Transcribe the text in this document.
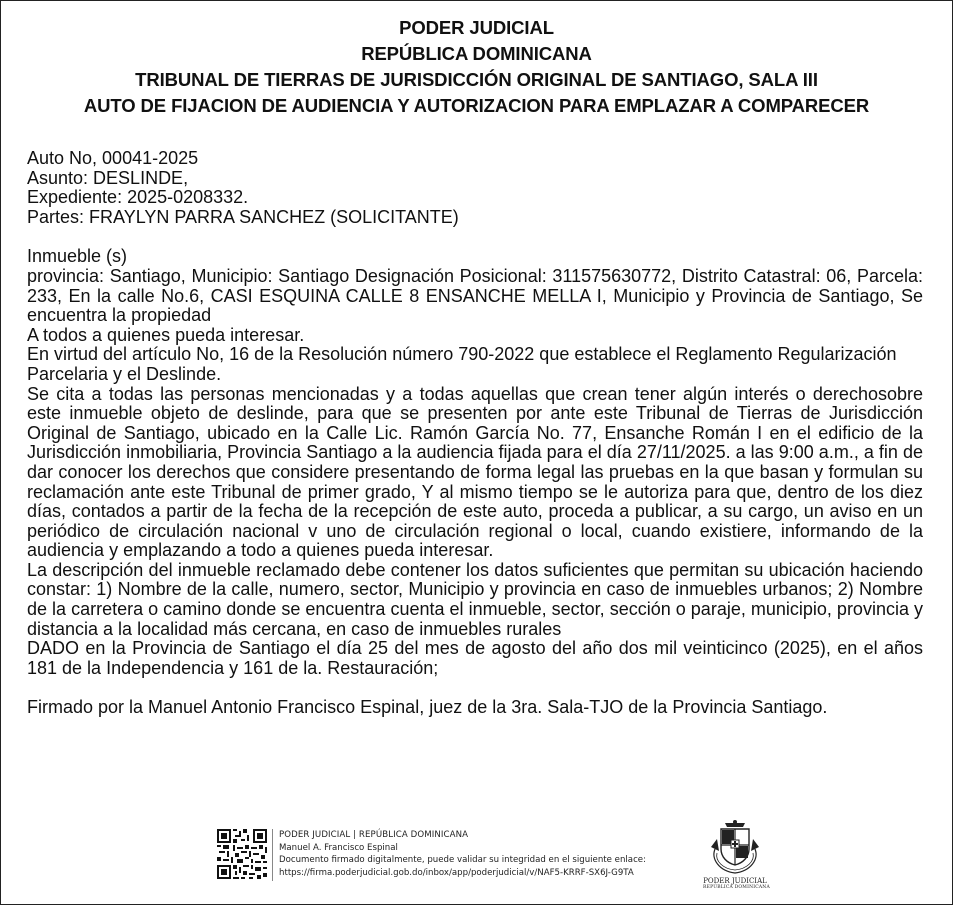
PODER JUDICIAL
REPÚBLICA DOMINICANA
TRIBUNAL DE TIERRAS DE JURISDICCIÓN ORIGINAL DE SANTIAGO, SALA III
AUTO DE FIJACION DE AUDIENCIA Y AUTORIZACION PARA EMPLAZAR A COMPARECER
Auto No, 00041-2025
Asunto: DESLINDE,
Expediente: 2025-0208332.
Partes: FRAYLYN PARRA SANCHEZ (SOLICITANTE)
Inmueble (s)
provincia: Santiago, Municipio: Santiago Designación Posicional: 311575630772, Distrito Catastral: 06, Parcela: 233, En la calle No.6, CASI ESQUINA CALLE 8 ENSANCHE MELLA I, Municipio y Provincia de Santiago, Se encuentra la propiedad
A todos a quienes pueda interesar.
En virtud del artículo No, 16 de la Resolución número 790-2022 que establece el Reglamento Regularización Parcelaria y el Deslinde.
Se cita a todas las personas mencionadas y a todas aquellas que crean tener algún interés o derechosobre este inmueble objeto de deslinde, para que se presenten por ante este Tribunal de Tierras de Jurisdicción Original de Santiago, ubicado en la Calle Lic. Ramón García No. 77, Ensanche Román I en el edificio de la Jurisdicción inmobiliaria, Provincia Santiago a la audiencia fijada para el día 27/11/2025. a las 9:00 a.m., a fin de dar conocer los derechos que considere presentando de forma legal las pruebas en la que basan y formulan su reclamación ante este Tribunal de primer grado, Y al mismo tiempo se le autoriza para que, dentro de los diez días, contados a partir de la fecha de la recepción de este auto, proceda a publicar, a su cargo, un aviso en un periódico de circulación nacional v uno de circulación regional o local, cuando existiere, informando de la audiencia y emplazando a todo a quienes pueda interesar.
La descripción del inmueble reclamado debe contener los datos suficientes que permitan su ubicación haciendo constar: 1) Nombre de la calle, numero, sector, Municipio y provincia en caso de inmuebles urbanos; 2) Nombre de la carretera o camino donde se encuentra cuenta el inmueble, sector, sección o paraje, municipio, provincia y distancia a la localidad más cercana, en caso de inmuebles rurales
DADO en la Provincia de Santiago el día 25 del mes de agosto del año dos mil veinticinco (2025), en el años 181 de la Independencia y 161 de la. Restauración;
Firmado por la Manuel Antonio Francisco Espinal, juez de la 3ra. Sala-TJO de la Provincia Santiago.
PODER JUDICIAL | REPÚBLICA DOMINICANA
Manuel A. Francisco Espinal
Documento firmado digitalmente, puede validar su integridad en el siguiente enlace:
https://firma.poderjudicial.gob.do/inbox/app/poderjudicial/v/NAF5-KRRF-SX6J-G9TA
PODER JUDICIAL
REPÚBLICA DOMINICANA
